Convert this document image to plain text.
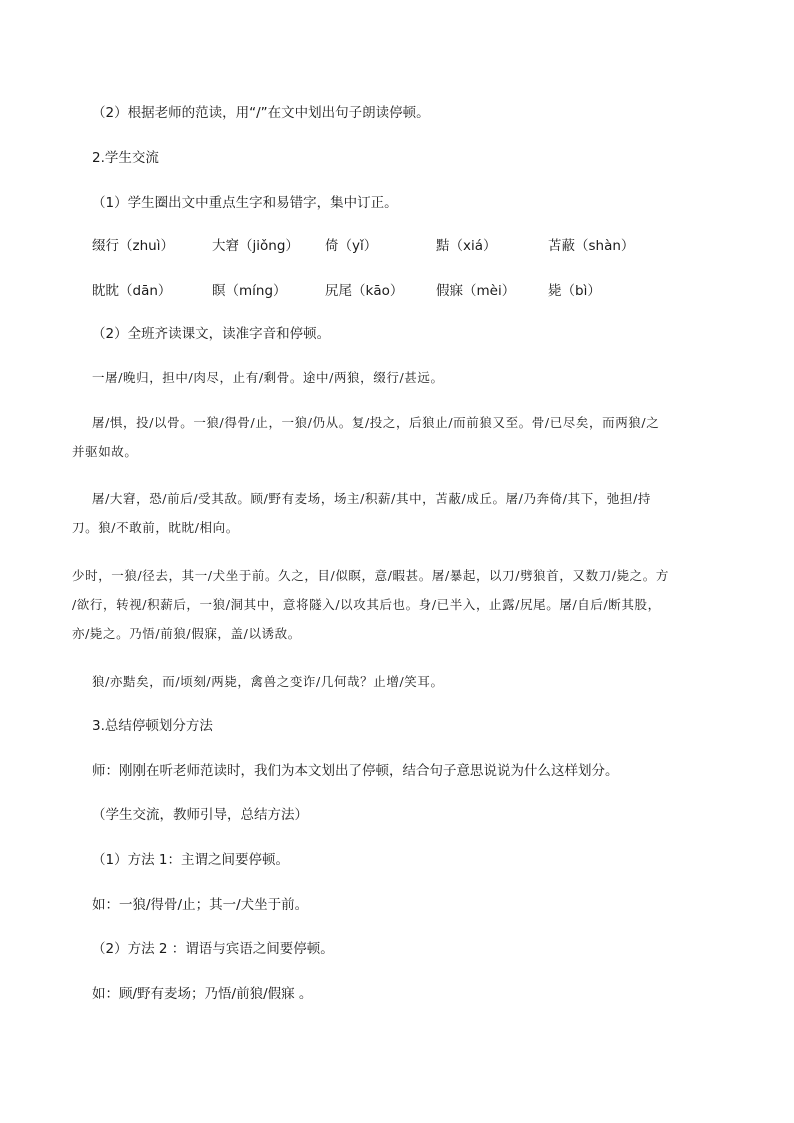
（2）根据老师的范读，用“/”在文中划出句子朗读停顿。
2.学生交流
（1）学生圈出文中重点生字和易错字，集中订正。
缀行（zhuì）	大窘（jiǒng） 倚（yǐ）	黠（xiá）	苫蔽（shàn）
眈眈（dān）	瞑（míng）	尻尾（kāo） 假寐（mèi） 毙（bì）
（2）全班齐读课文，读准字音和停顿。
一屠/晚归，担中/肉尽，止有/剩骨。途中/两狼，缀行/甚远。
屠/惧，投/以骨。一狼/得骨/止，一狼/仍从。复/投之，后狼止/而前狼又至。骨/已尽矣，而两狼/之
并驱如故。
屠/大窘，恐/前后/受其敌。顾/野有麦场，场主/积薪/其中，苫蔽/成丘。屠/乃奔倚/其下，弛担/持
刀。狼/不敢前，眈眈/相向。
少时，一狼/径去，其一/犬坐于前。久之，目/似瞑，意/暇甚。屠/暴起，以刀/劈狼首，又数刀/毙之。方
/欲行，转视/积薪后，一狼/洞其中，意将隧入/以攻其后也。身/已半入，止露/尻尾。屠/自后/断其股，
亦/毙之。乃悟/前狼/假寐，盖/以诱敌。
狼/亦黠矣，而/顷刻/两毙，禽兽之变诈/几何哉？止增/笑耳。
3.总结停顿划分方法
师：刚刚在听老师范读时，我们为本文划出了停顿，结合句子意思说说为什么这样划分。
（学生交流，教师引导，总结方法）
（1）方法 1：主谓之间要停顿。
如：一狼/得骨/止；其一/犬坐于前。
（2）方法 2 ：谓语与宾语之间要停顿。
如：顾/野有麦场；乃悟/前狼/假寐 。
